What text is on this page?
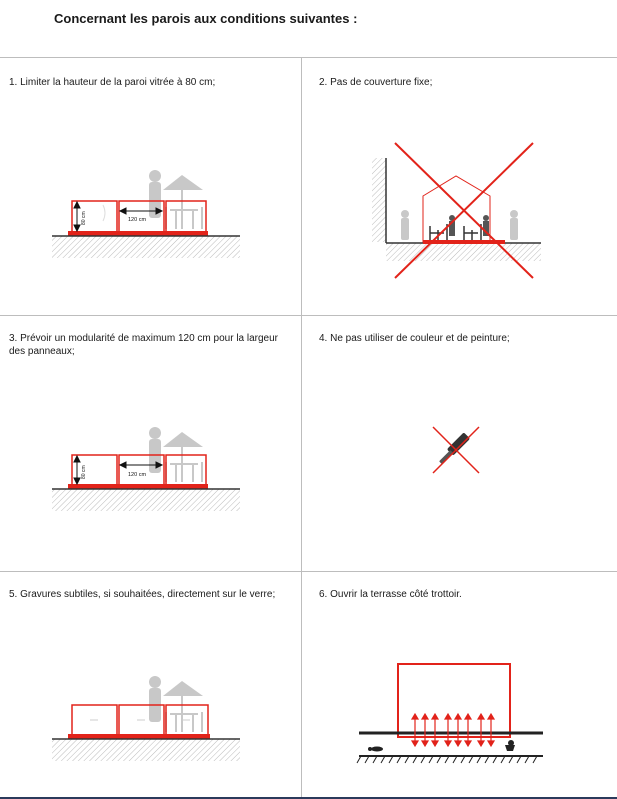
Concernant les parois aux conditions suivantes :
1. Limiter la hauteur de la paroi vitrée à 80 cm;	2. Pas de couverture fixe;
3. Prévoir un modularité de maximum 120 cm pour la largeur des panneaux;
4. Ne pas utiliser de couleur et de peinture;
5. Gravures subtiles, si souhaitées, directement sur le verre;	6. Ouvrir la terrasse côté trottoir.
80 cm	120 cm
80 cm	120 cm
